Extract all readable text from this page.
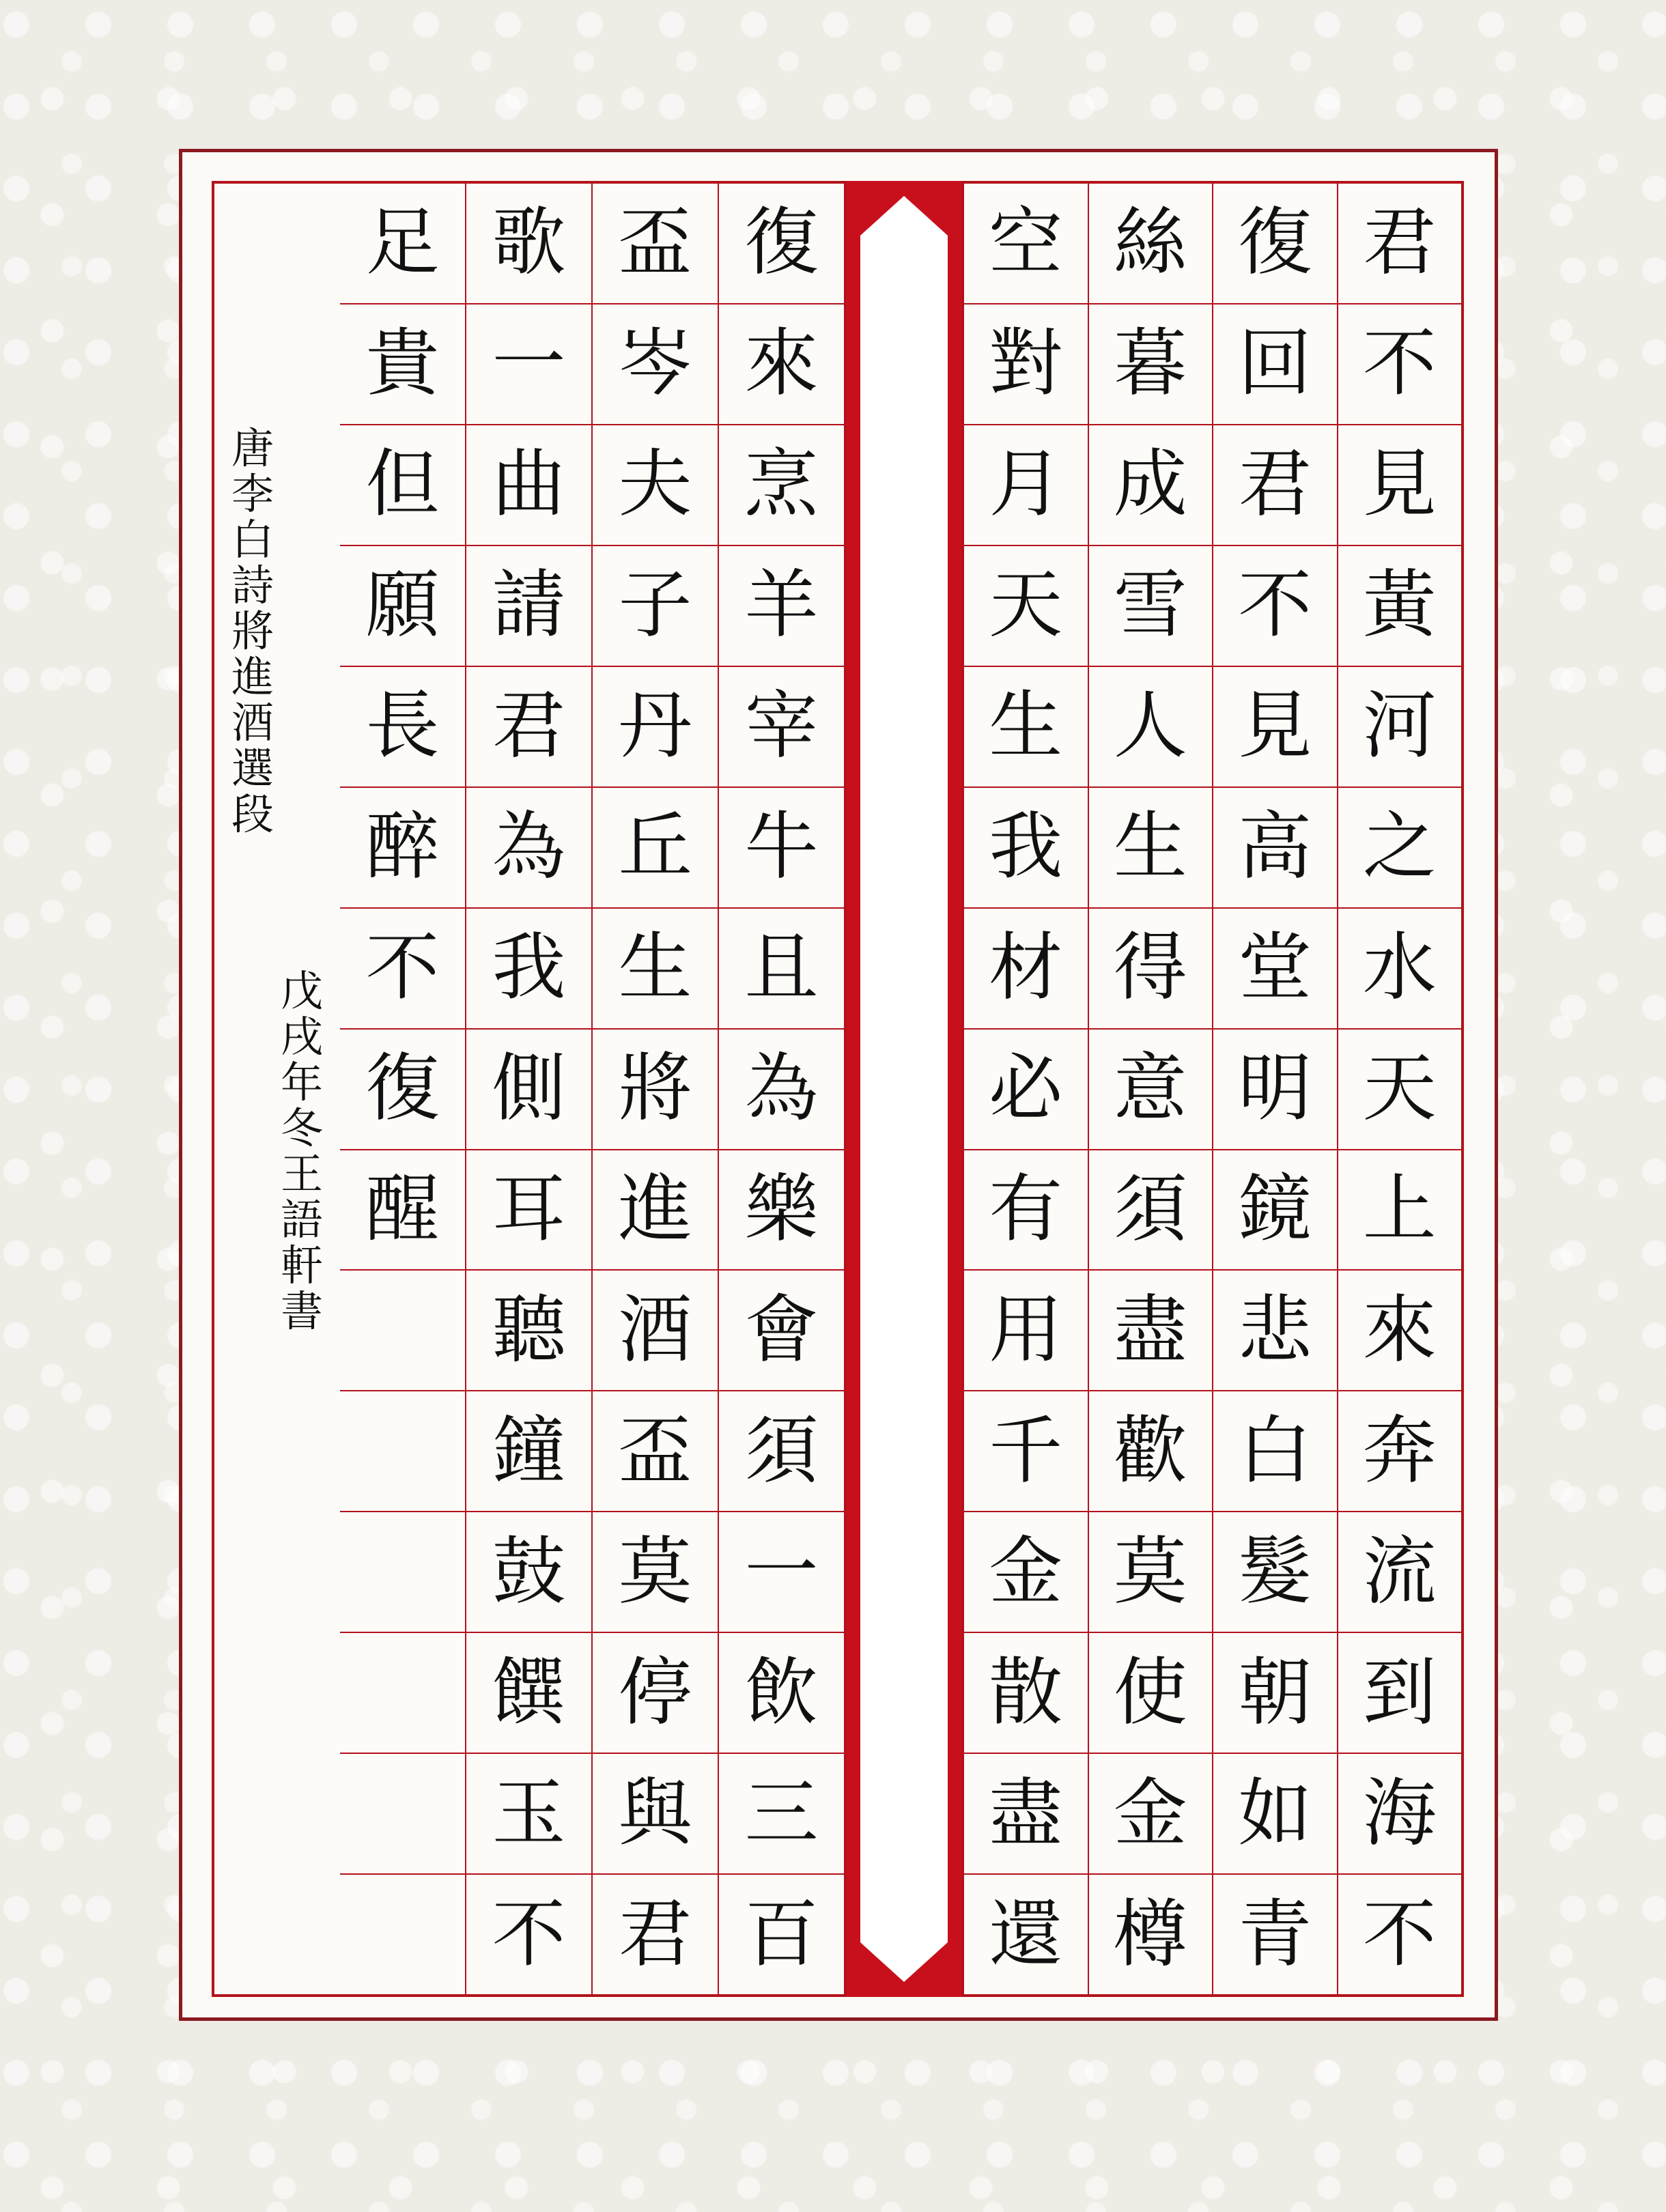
唐
李
白
詩
將
進
酒
選
段
戊
戌
年
冬
王
語
軒
書
足
貴
但
願
長
醉
不
復
醒
歌
一
曲
請
君
為
我
側
耳
聽
鐘
鼓
饌
玉
不
盃
岑
夫
子
丹
丘
生
將
進
酒
盃
莫
停
與
君
復
來
烹
羊
宰
牛
且
為
樂
會
須
一
飲
三
百
空
對
月
天
生
我
材
必
有
用
千
金
散
盡
還
絲
暮
成
雪
人
生
得
意
須
盡
歡
莫
使
金
樽
復
回
君
不
見
高
堂
明
鏡
悲
白
髮
朝
如
青
君
不
見
黃
河
之
水
天
上
來
奔
流
到
海
不
